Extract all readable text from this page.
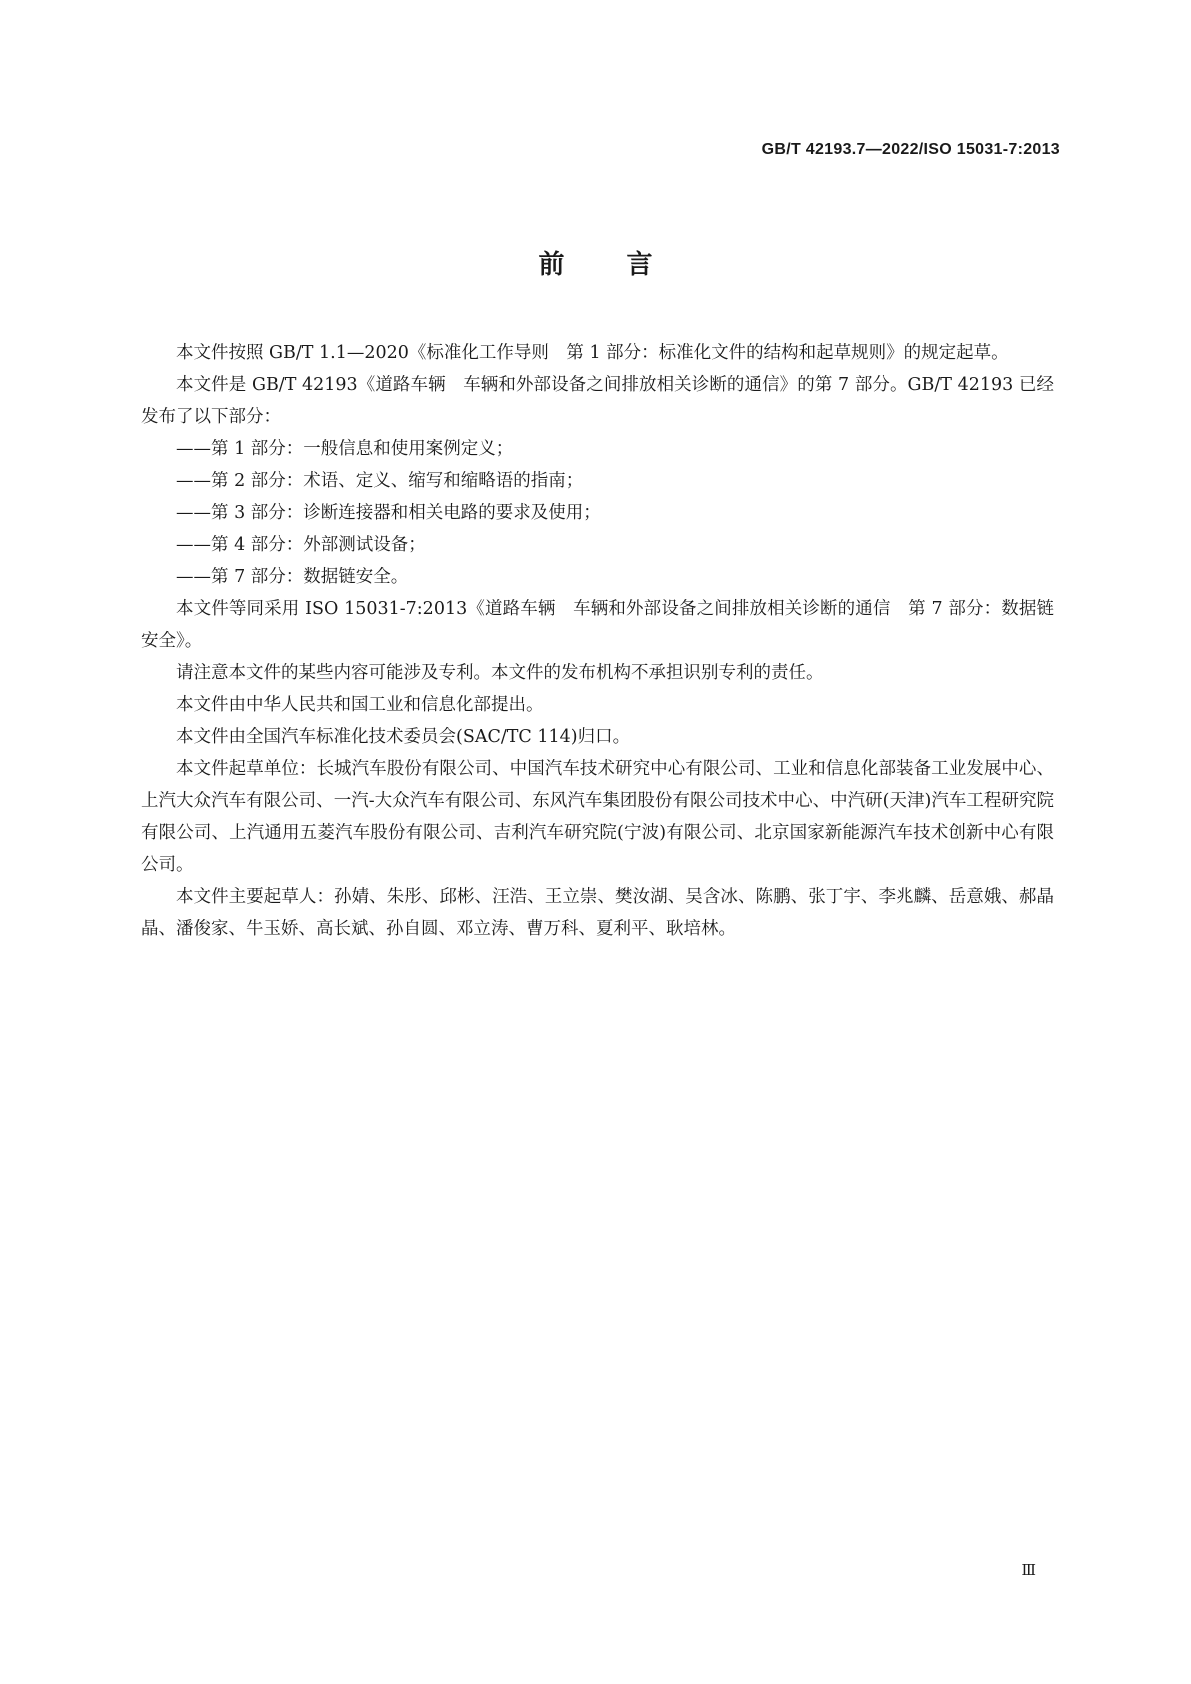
GB/T 42193.7—2022/ISO 15031-7:2013
前言

本文件按照 GB/T 1.1—2020《标准化工作导则　第 1 部分：标准化文件的结构和起草规则》的规定起草。

本文件是 GB/T 42193《道路车辆　车辆和外部设备之间排放相关诊断的通信》的第 7 部分。GB/T 42193 已经发布了以下部分：

——第 1 部分：一般信息和使用案例定义；

——第 2 部分：术语、定义、缩写和缩略语的指南；

——第 3 部分：诊断连接器和相关电路的要求及使用；

——第 4 部分：外部测试设备；

——第 7 部分：数据链安全。

本文件等同采用 ISO 15031-7:2013《道路车辆　车辆和外部设备之间排放相关诊断的通信　第 7 部分：数据链安全》。

请注意本文件的某些内容可能涉及专利。本文件的发布机构不承担识别专利的责任。

本文件由中华人民共和国工业和信息化部提出。

本文件由全国汽车标准化技术委员会(SAC/TC 114)归口。

本文件起草单位：长城汽车股份有限公司、中国汽车技术研究中心有限公司、工业和信息化部装备工业发展中心、上汽大众汽车有限公司、一汽-大众汽车有限公司、东风汽车集团股份有限公司技术中心、中汽研(天津)汽车工程研究院有限公司、上汽通用五菱汽车股份有限公司、吉利汽车研究院(宁波)有限公司、北京国家新能源汽车技术创新中心有限公司。

本文件主要起草人：孙婧、朱彤、邱彬、汪浩、王立崇、樊汝湖、吴含冰、陈鹏、张丁宇、李兆麟、岳意娥、郝晶晶、潘俊家、牛玉娇、高长斌、孙自圆、邓立涛、曹万科、夏利平、耿培林。

Ⅲ
